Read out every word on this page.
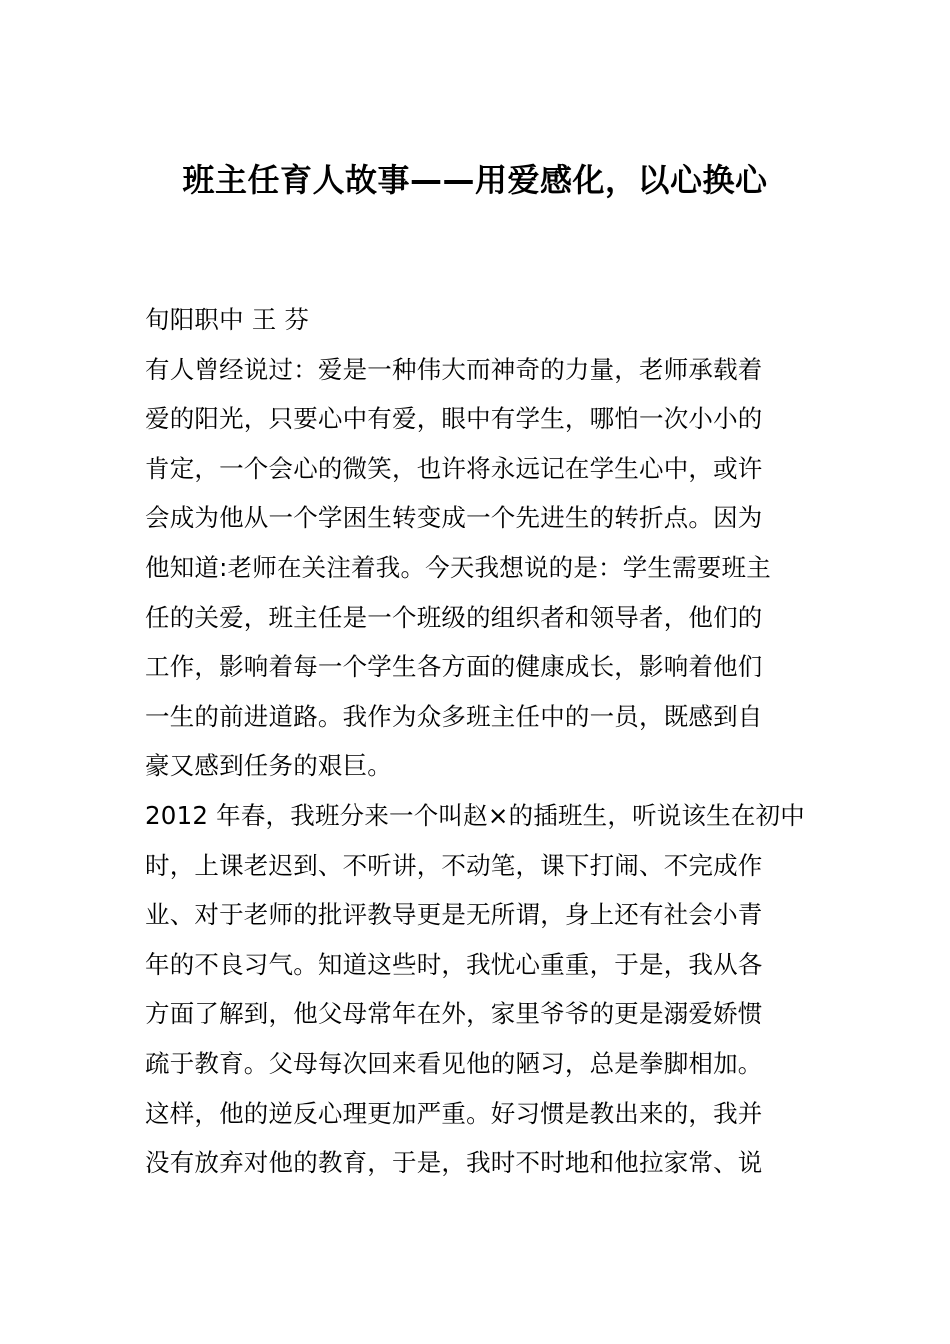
班主任育人故事——用爱感化，以心换心
旬阳职中 王 芬
有人曾经说过：爱是一种伟大而神奇的力量，老师承载着
爱的阳光，只要心中有爱，眼中有学生，哪怕一次小小的
肯定，一个会心的微笑，也许将永远记在学生心中，或许
会成为他从一个学困生转变成一个先进生的转折点。因为
他知道:老师在关注着我。今天我想说的是：学生需要班主
任的关爱，班主任是一个班级的组织者和领导者，他们的
工作，影响着每一个学生各方面的健康成长，影响着他们
一生的前进道路。我作为众多班主任中的一员，既感到自
豪又感到任务的艰巨。
2012 年春，我班分来一个叫赵×的插班生，听说该生在初中
时，上课老迟到、不听讲，不动笔，课下打闹、不完成作
业、对于老师的批评教导更是无所谓，身上还有社会小青
年的不良习气。知道这些时，我忧心重重，于是，我从各
方面了解到，他父母常年在外，家里爷爷的更是溺爱娇惯
疏于教育。父母每次回来看见他的陋习，总是拳脚相加。
这样，他的逆反心理更加严重。好习惯是教出来的，我并
没有放弃对他的教育，于是，我时不时地和他拉家常、说
